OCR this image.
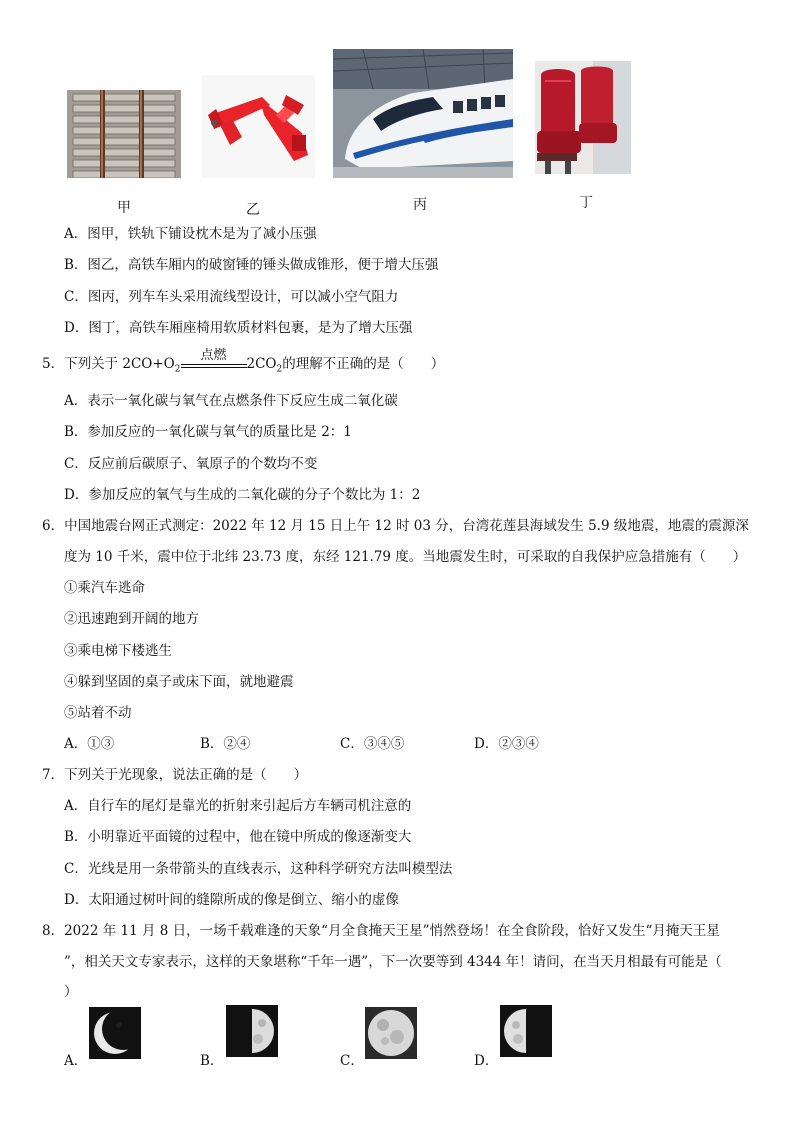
甲	乙	丙	丁
A．图甲，铁轨下铺设枕木是为了减小压强
B．图乙，高铁车厢内的破窗锤的锤头做成锥形，便于增大压强
C．图丙，列车车头采用流线型设计，可以减小空气阻力
D．图丁，高铁车厢座椅用软质材料包裹，是为了增大压强
5．下列关于 $2CO+O_2$
点燃
$2CO_2$的理解不正确的是（　　）
A．表示一氧化碳与氧气在点燃条件下反应生成二氧化碳
B．参加反应的一氧化碳与氧气的质量比是 2：1
C．反应前后碳原子、氧原子的个数均不变
D．参加反应的氧气与生成的二氧化碳的分子个数比为 1：2
6．中国地震台网正式测定：2022 年 12 月 15 日上午 12 时 03 分，台湾花莲县海域发生 5.9 级地震，地震的震源深
度为 10 千米，震中位于北纬 23.73 度，东经 121.79 度。当地震发生时，可采取的自我保护应急措施有（　　）
①乘汽车逃命
②迅速跑到开阔的地方
③乘电梯下楼逃生
④躲到坚固的桌子或床下面，就地避震
⑤站着不动
A．①③	B．②④	C．③④⑤	D．②③④
7．下列关于光现象，说法正确的是（　　）
A．自行车的尾灯是靠光的折射来引起后方车辆司机注意的
B．小明靠近平面镜的过程中，他在镜中所成的像逐渐变大
C．光线是用一条带箭头的直线表示，这种科学研究方法叫模型法
D．太阳通过树叶间的缝隙所成的像是倒立、缩小的虚像
8．2022 年 11 月 8 日，一场千载难逢的天象“月全食掩天王星”悄然登场！在全食阶段，恰好又发生“月掩天王星
”，相关天文专家表示，这样的天象堪称“千年一遇”，下一次要等到 4344 年！请问，在当天月相最有可能是（
）
A．	B．	C．	D．
